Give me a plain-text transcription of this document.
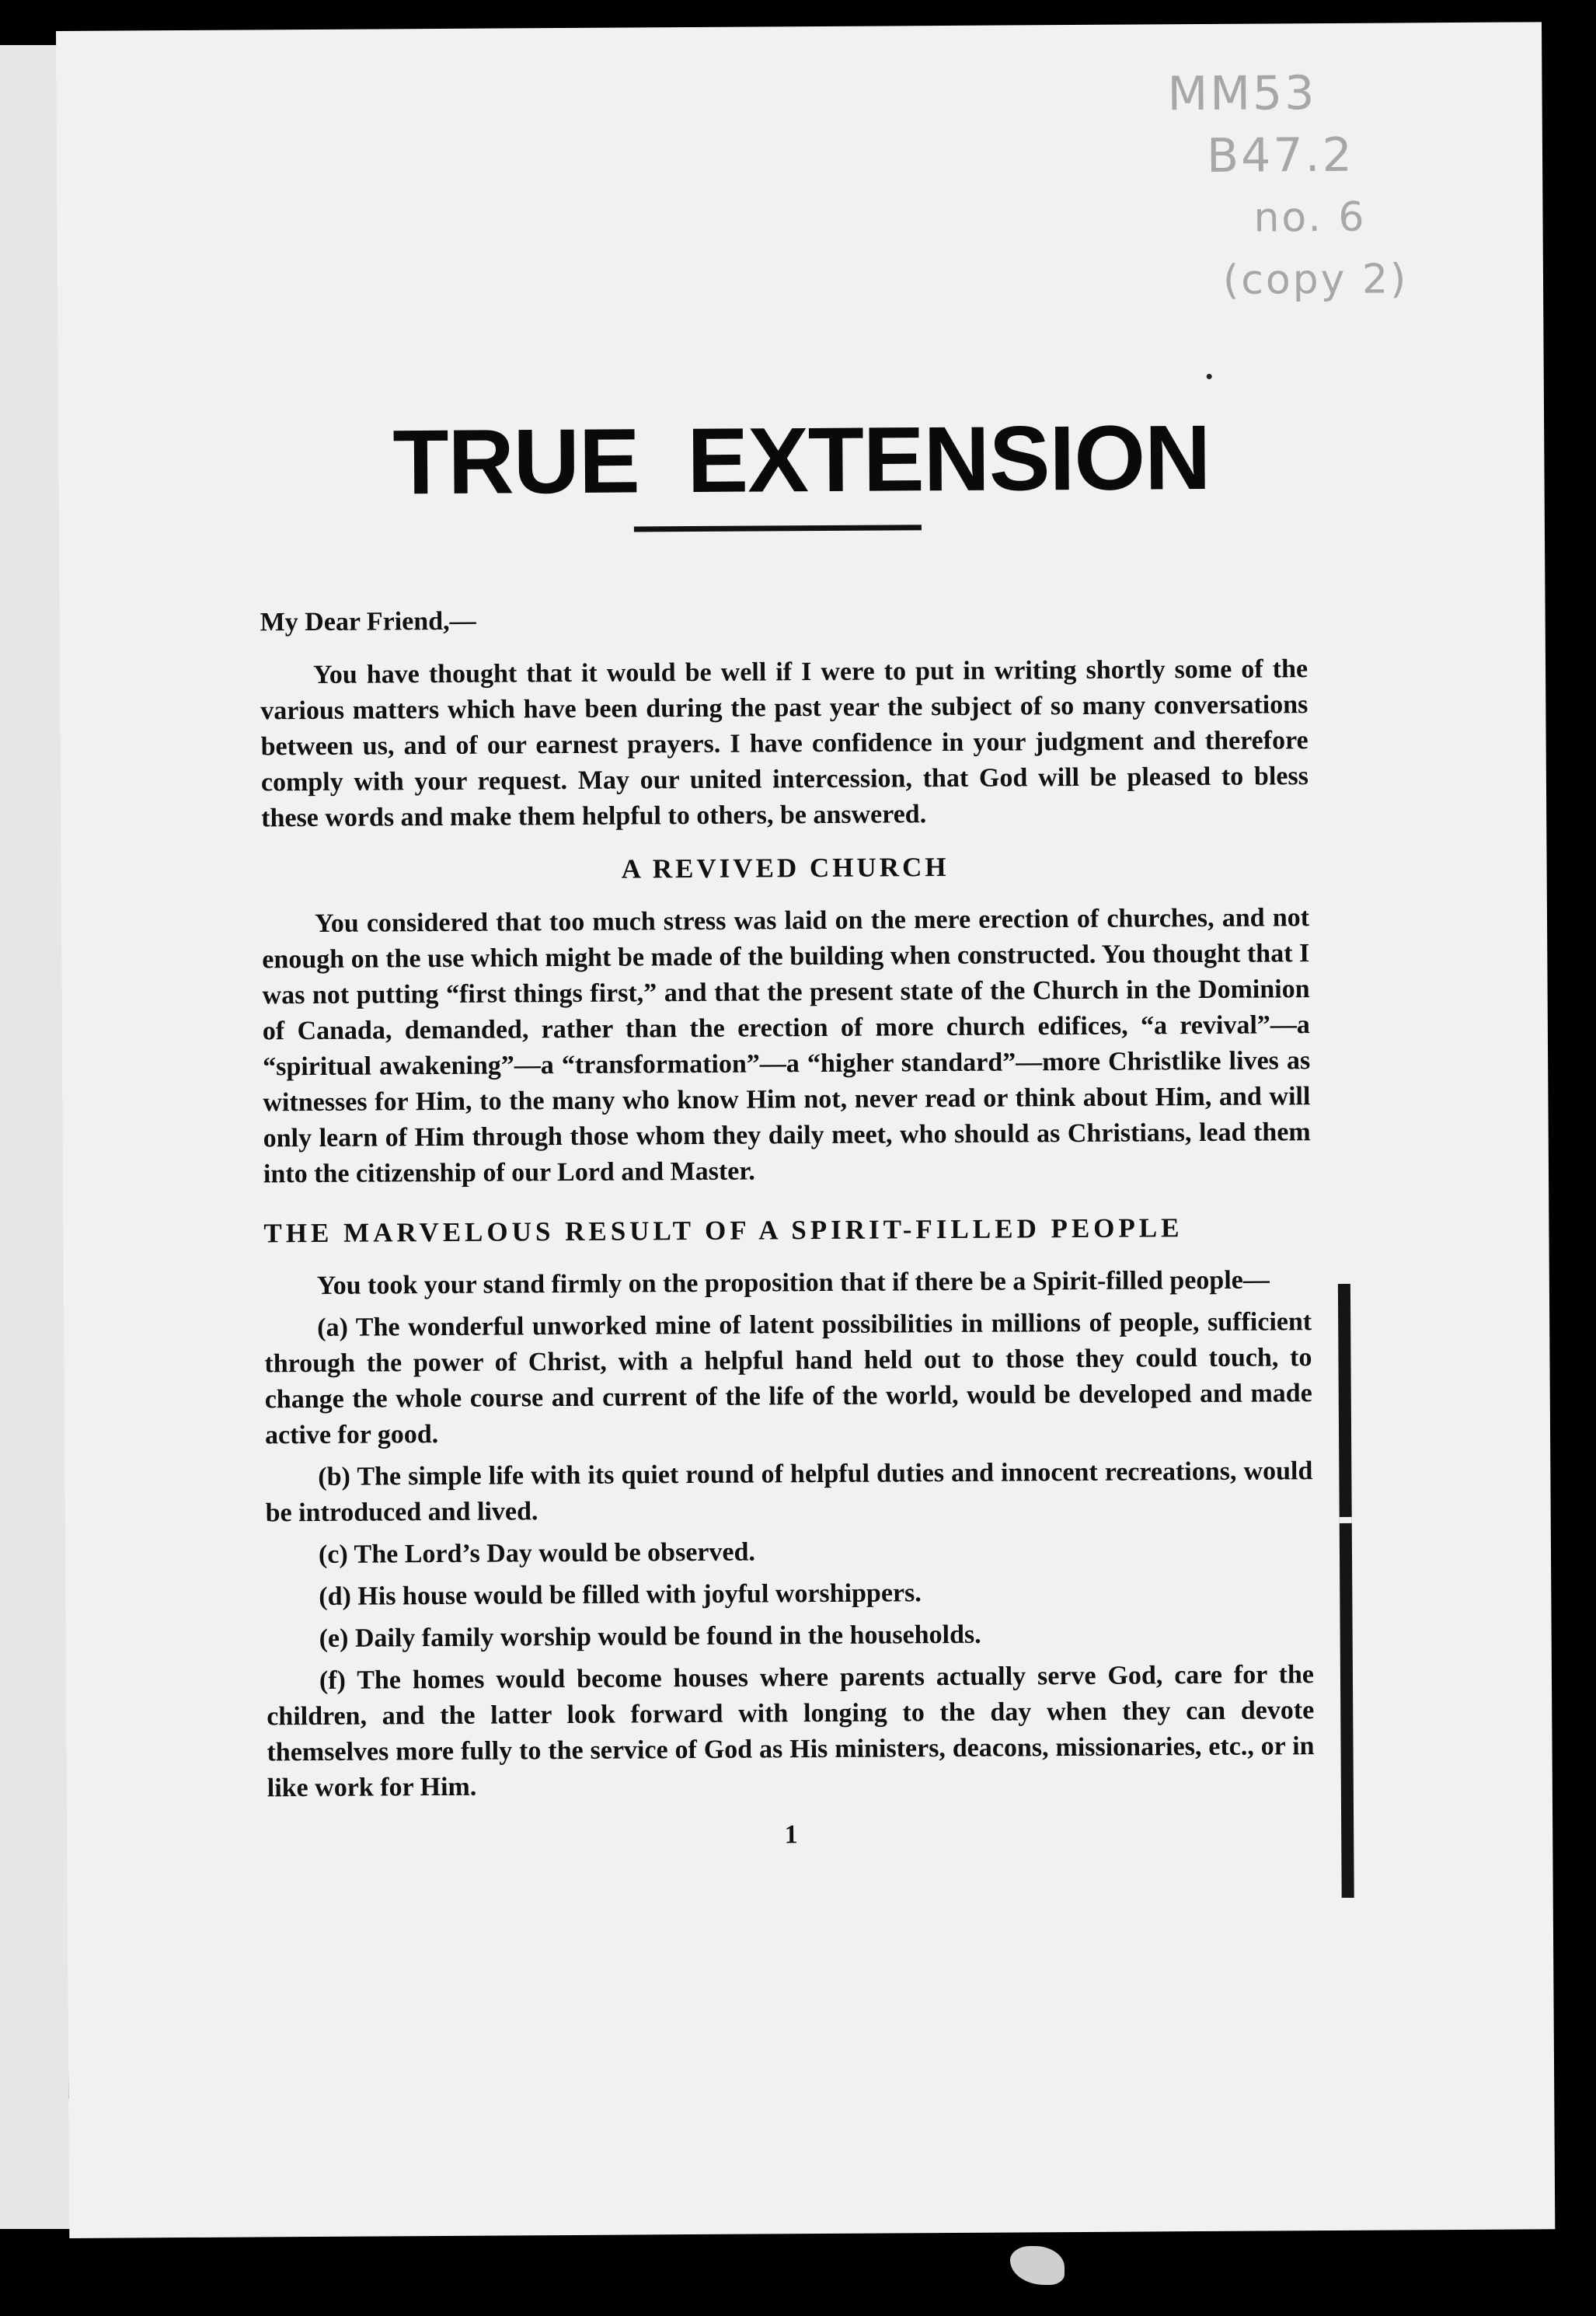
MM53
B47.2
no. 6
(copy 2)
TRUE EXTENSION

My Dear Friend,—

You have thought that it would be well if I were to put in writing shortly some of the various matters which have been during the past year the subject of so many conversations between us, and of our earnest prayers. I have confidence in your judgment and therefore comply with your request. May our united intercession, that God will be pleased to bless these words and make them helpful to others, be answered.

A REVIVED CHURCH

You considered that too much stress was laid on the mere erection of churches, and not enough on the use which might be made of the building when constructed. You thought that I was not putting “first things first,” and that the present state of the Church in the Dominion of Canada, demanded, rather than the erection of more church edifices, “a revival”—a “spiritual awakening”—a “transformation”—a “higher standard”—more Christlike lives as witnesses for Him, to the many who know Him not, never read or think about Him, and will only learn of Him through those whom they daily meet, who should as Christians, lead them into the citizenship of our Lord and Master.

THE MARVELOUS RESULT OF A SPIRIT-FILLED PEOPLE

You took your stand firmly on the proposition that if there be a Spirit-filled people—

(a) The wonderful unworked mine of latent possibilities in millions of people, sufficient through the power of Christ, with a helpful hand held out to those they could touch, to change the whole course and current of the life of the world, would be developed and made active for good.

(b) The simple life with its quiet round of helpful duties and innocent recreations, would be introduced and lived.

(c) The Lord’s Day would be observed.

(d) His house would be filled with joyful worshippers.

(e) Daily family worship would be found in the households.

(f) The homes would become houses where parents actually serve God, care for the children, and the latter look forward with longing to the day when they can devote themselves more fully to the service of God as His ministers, deacons, missionaries, etc., or in like work for Him.

1
